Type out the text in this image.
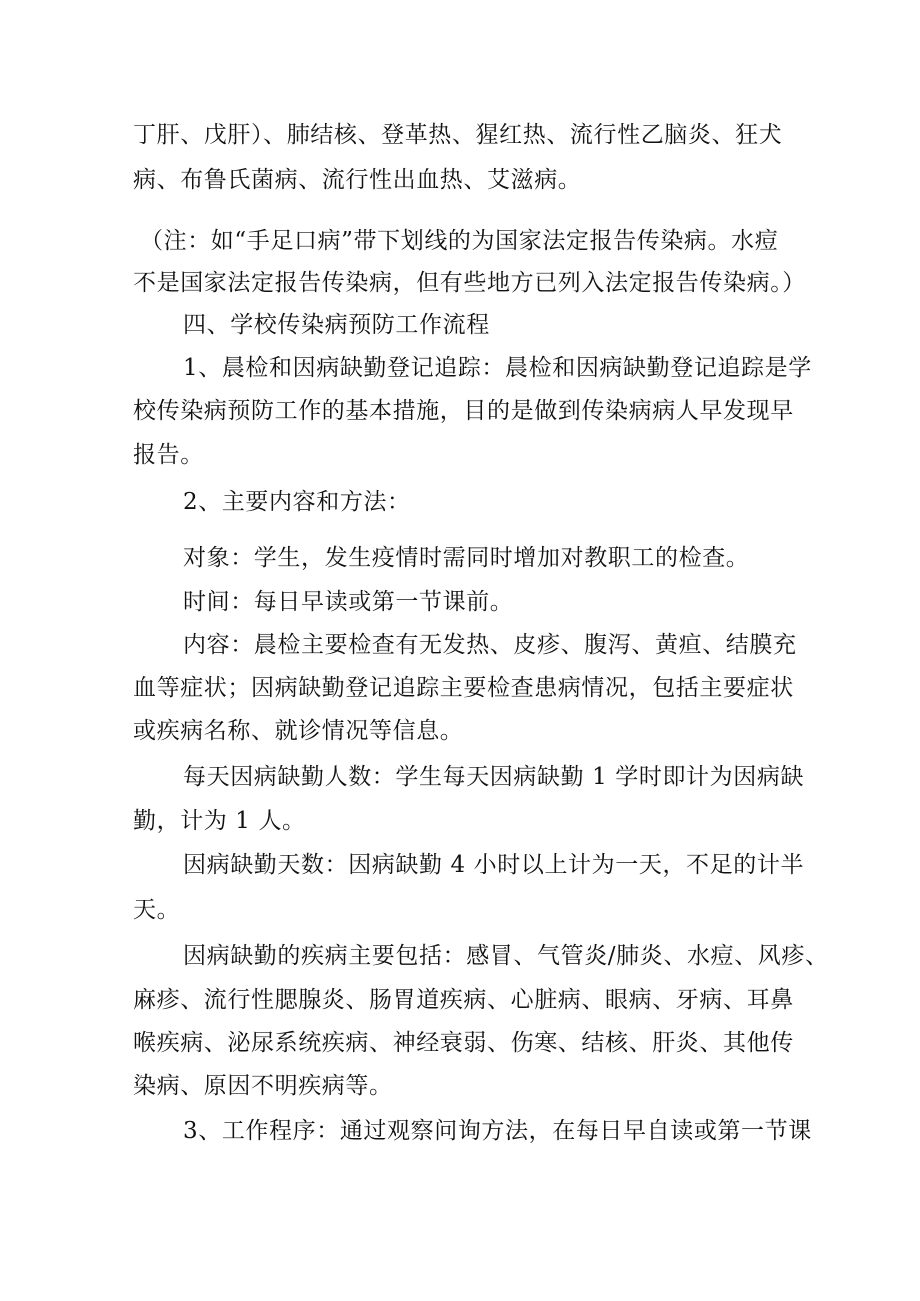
丁肝、戊肝）、肺结核、登革热、猩红热、流行性乙脑炎、狂犬
病、布鲁氏菌病、流行性出血热、艾滋病。
（注：如“手足口病”带下划线的为国家法定报告传染病。水痘
不是国家法定报告传染病，但有些地方已列入法定报告传染病。）
四、学校传染病预防工作流程
1、晨检和因病缺勤登记追踪：晨检和因病缺勤登记追踪是学
校传染病预防工作的基本措施，目的是做到传染病病人早发现早
报告。
2、主要内容和方法：
对象：学生，发生疫情时需同时增加对教职工的检查。
时间：每日早读或第一节课前。
内容：晨检主要检查有无发热、皮疹、腹泻、黄疸、结膜充
血等症状；因病缺勤登记追踪主要检查患病情况，包括主要症状
或疾病名称、就诊情况等信息。
每天因病缺勤人数：学生每天因病缺勤 1 学时即计为因病缺
勤，计为 1 人。
因病缺勤天数：因病缺勤 4 小时以上计为一天，不足的计半
天。
因病缺勤的疾病主要包括：感冒、气管炎/肺炎、水痘、风疹、
麻疹、流行性腮腺炎、肠胃道疾病、心脏病、眼病、牙病、耳鼻
喉疾病、泌尿系统疾病、神经衰弱、伤寒、结核、肝炎、其他传
染病、原因不明疾病等。
3、工作程序：通过观察问询方法，在每日早自读或第一节课
